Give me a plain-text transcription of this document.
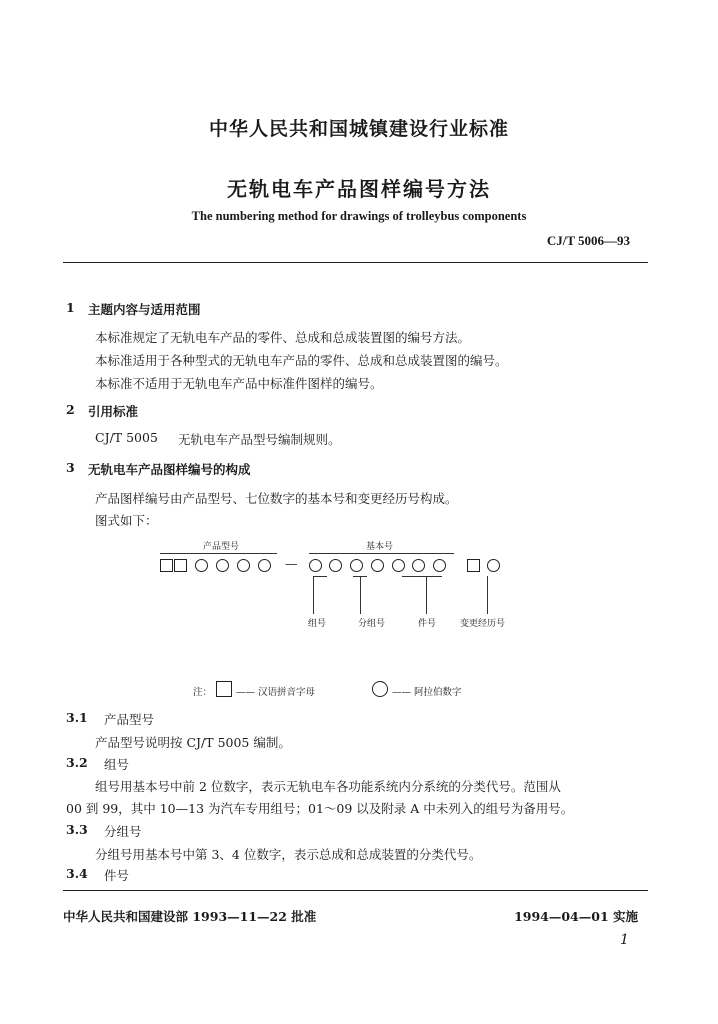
中华人民共和国城镇建设行业标准
无轨电车产品图样编号方法
The numbering method for drawings of trolleybus components
CJ/T 5006—93
1 主题内容与适用范围
本标准规定了无轨电车产品的零件、总成和总成装置图的编号方法。
本标准适用于各种型式的无轨电车产品的零件、总成和总成装置图的编号。
本标准不适用于无轨电车产品中标准件图样的编号。
2 引用标准
CJ/T 5005 无轨电车产品型号编制规则。
3 无轨电车产品图样编号的构成
产品图样编号由产品型号、七位数字的基本号和变更经历号构成。
图式如下：
产品型号	基本号
—
组号	分组号	件号	变更经历号
注：	—— 汉语拼音字母	—— 阿拉伯数字
3.1 产品型号
产品型号说明按 CJ/T 5005 编制。
3.2 组号
组号用基本号中前 2 位数字，表示无轨电车各功能系统内分系统的分类代号。范围从
00 到 99，其中 10—13 为汽车专用组号；01～09 以及附录 A 中未列入的组号为备用号。
3.3 分组号
分组号用基本号中第 3、4 位数字，表示总成和总成装置的分类代号。
3.4 件号
中华人民共和国建设部 1993—11—22 批准	1994—04—01 实施
1
